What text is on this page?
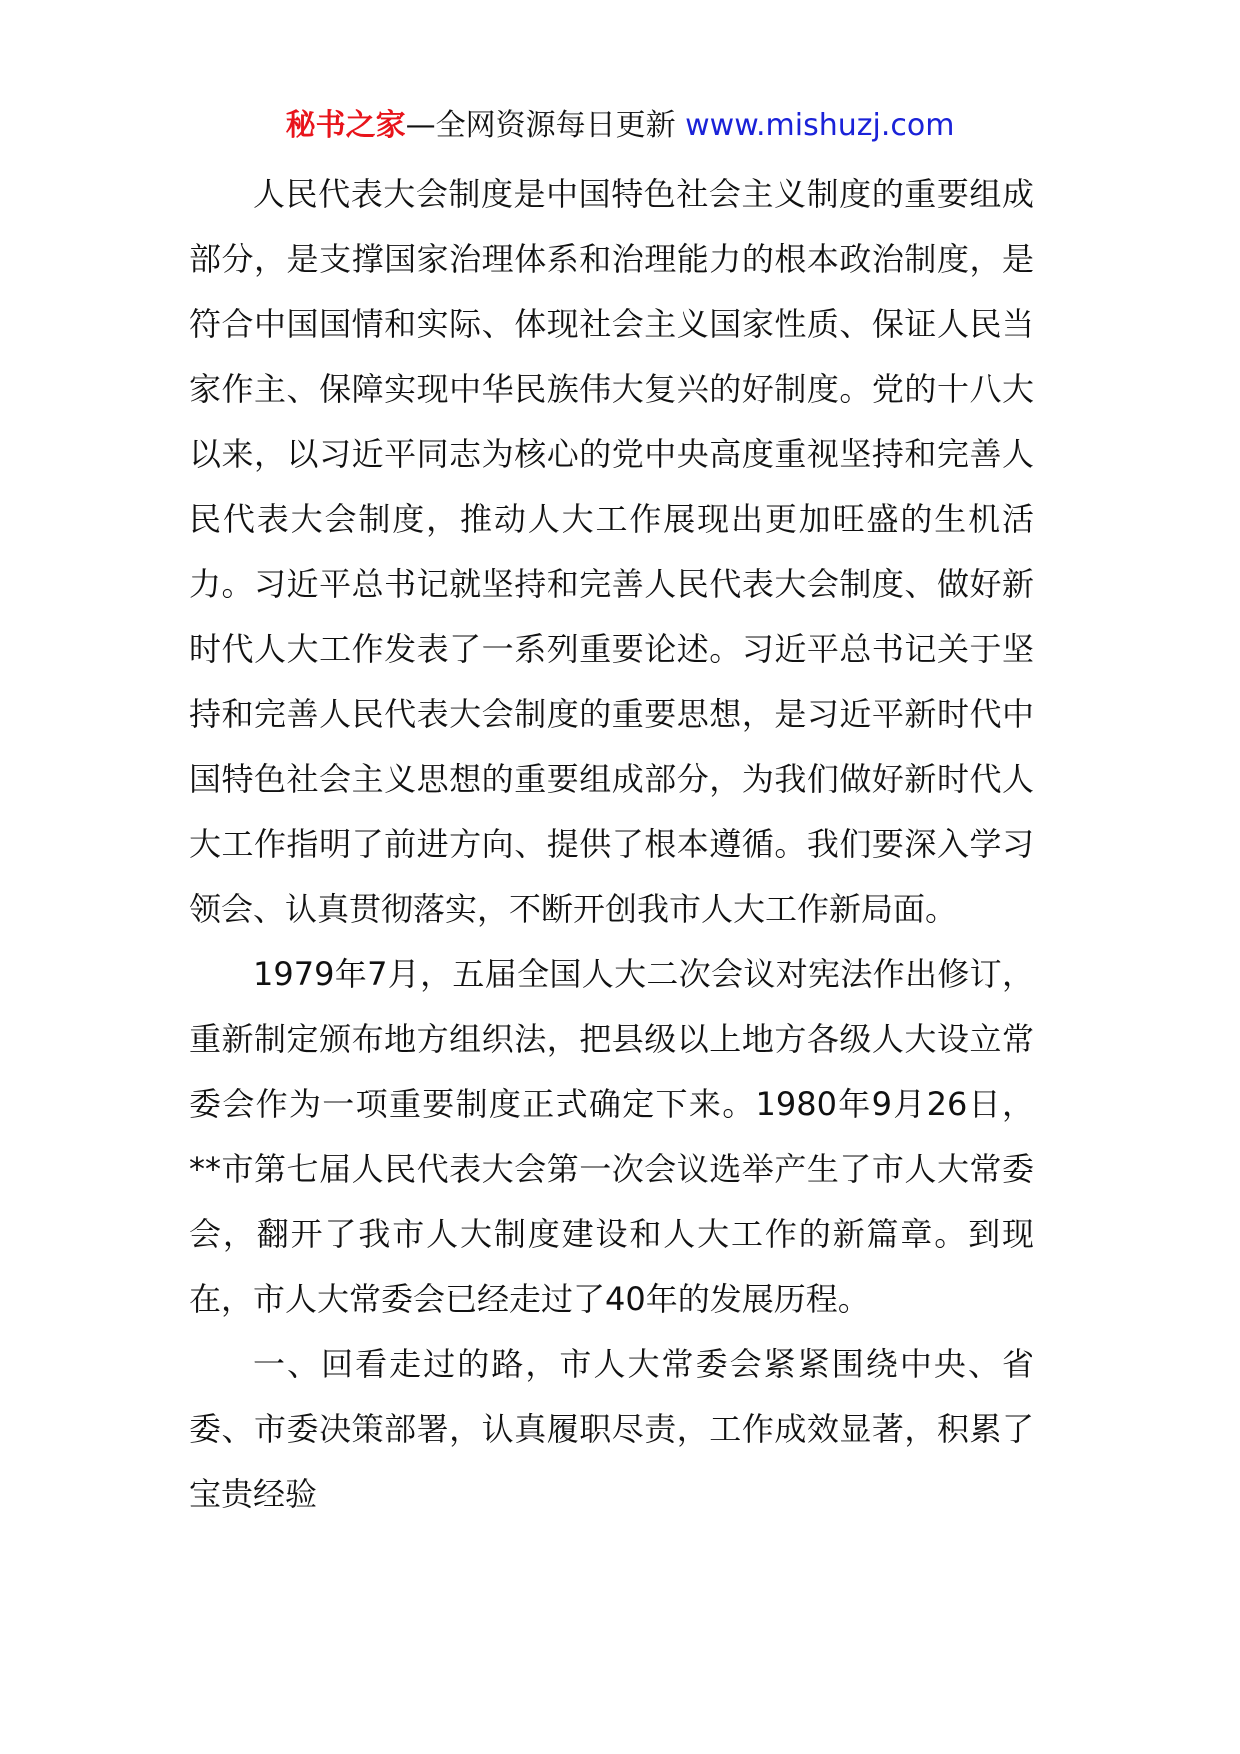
秘书之家—全网资源每日更新 www.mishuzj.com

人民代表大会制度是中国特色社会主义制度的重要组成部分，是支撑国家治理体系和治理能力的根本政治制度，是符合中国国情和实际、体现社会主义国家性质、保证人民当家作主、保障实现中华民族伟大复兴的好制度。党的十八大以来，以习近平同志为核心的党中央高度重视坚持和完善人民代表大会制度，推动人大工作展现出更加旺盛的生机活力。习近平总书记就坚持和完善人民代表大会制度、做好新时代人大工作发表了一系列重要论述。习近平总书记关于坚持和完善人民代表大会制度的重要思想，是习近平新时代中国特色社会主义思想的重要组成部分，为我们做好新时代人大工作指明了前进方向、提供了根本遵循。我们要深入学习领会、认真贯彻落实，不断开创我市人大工作新局面。

1979年7月，五届全国人大二次会议对宪法作出修订，重新制定颁布地方组织法，把县级以上地方各级人大设立常委会作为一项重要制度正式确定下来。1980年9月26日，**市第七届人民代表大会第一次会议选举产生了市人大常委会，翻开了我市人大制度建设和人大工作的新篇章。到现在，市人大常委会已经走过了40年的发展历程。

一、回看走过的路，市人大常委会紧紧围绕中央、省委、市委决策部署，认真履职尽责，工作成效显著，积累了宝贵经验
